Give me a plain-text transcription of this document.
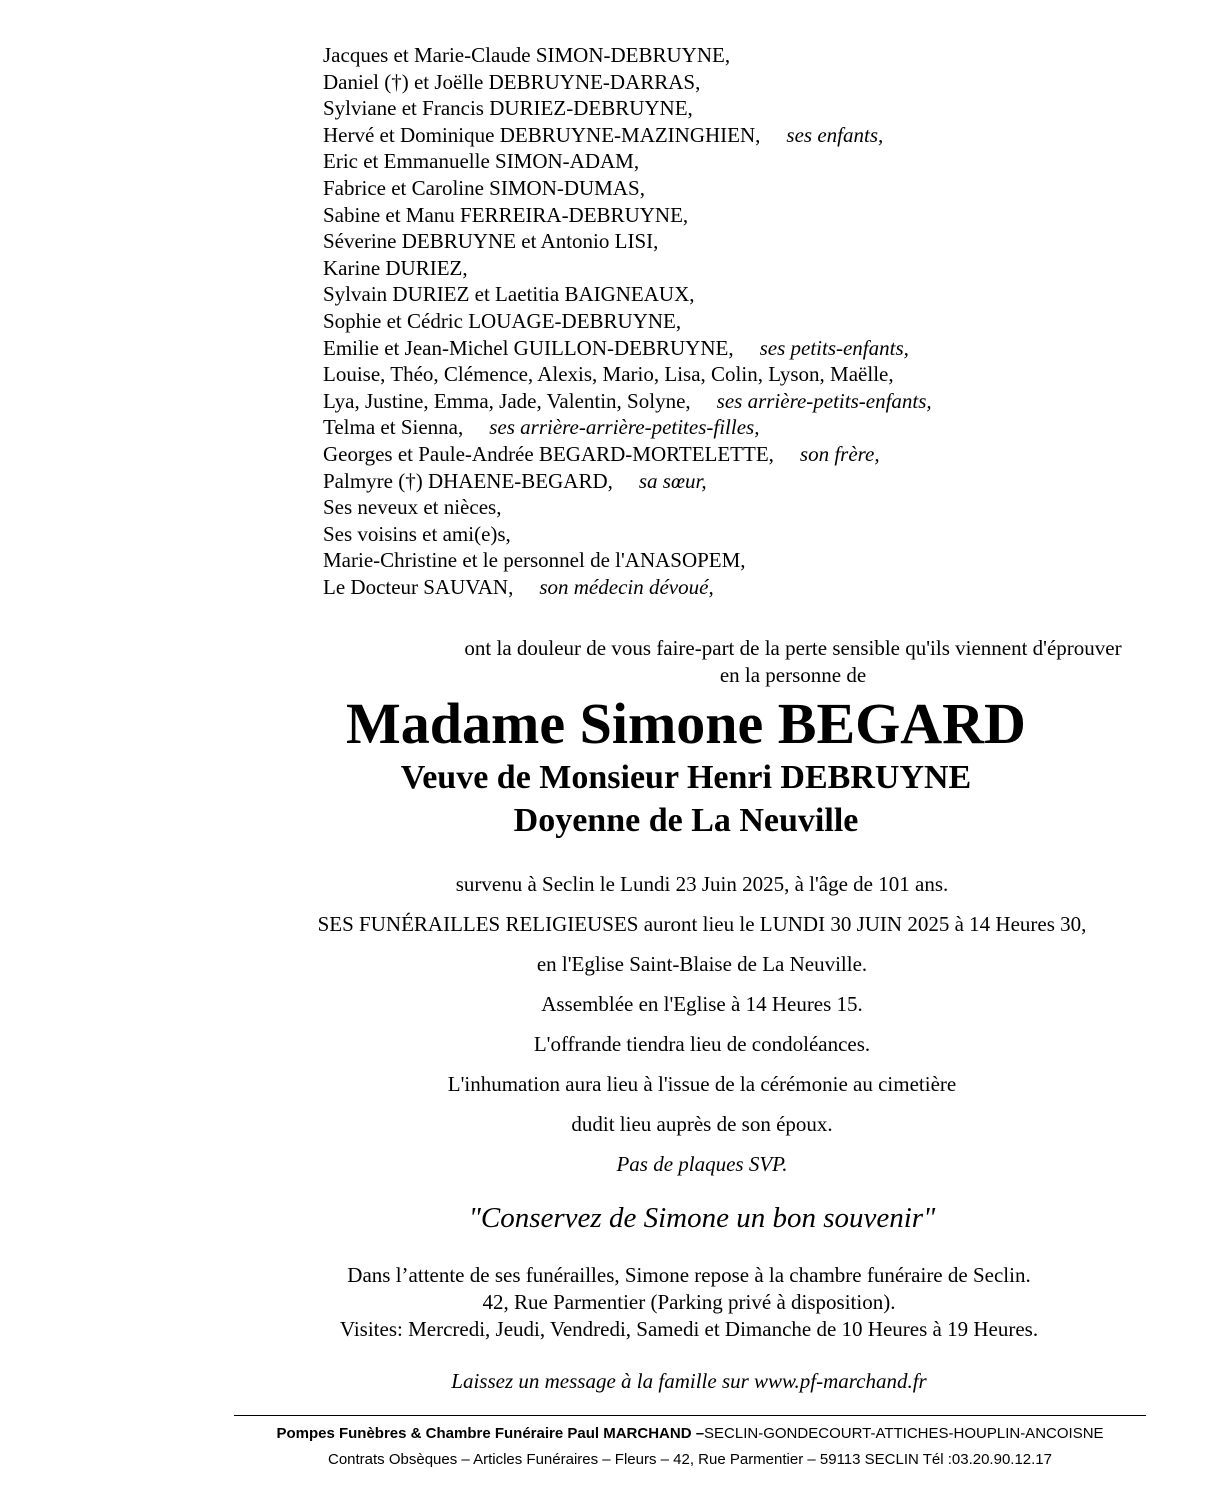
Jacques et Marie-Claude SIMON-DEBRUYNE,
Daniel (†) et Joëlle DEBRUYNE-DARRAS,
Sylviane et Francis DURIEZ-DEBRUYNE,
Hervé et Dominique DEBRUYNE-MAZINGHIEN, ses enfants,
Eric et Emmanuelle SIMON-ADAM,
Fabrice et Caroline SIMON-DUMAS,
Sabine et Manu FERREIRA-DEBRUYNE,
Séverine DEBRUYNE et Antonio LISI,
Karine DURIEZ,
Sylvain DURIEZ et Laetitia BAIGNEAUX,
Sophie et Cédric LOUAGE-DEBRUYNE,
Emilie et Jean-Michel GUILLON-DEBRUYNE, ses petits-enfants,
Louise, Théo, Clémence, Alexis, Mario, Lisa, Colin, Lyson, Maëlle,
Lya, Justine, Emma, Jade, Valentin, Solyne, ses arrière-petits-enfants,
Telma et Sienna, ses arrière-arrière-petites-filles,
Georges et Paule-Andrée BEGARD-MORTELETTE, son frère,
Palmyre (†) DHAENE-BEGARD, sa sœur,
Ses neveux et nièces,
Ses voisins et ami(e)s,
Marie-Christine et le personnel de l'ANASOPEM,
Le Docteur SAUVAN, son médecin dévoué,
ont la douleur de vous faire-part de la perte sensible qu'ils viennent d'éprouver
en la personne de
Madame Simone BEGARD
Veuve de Monsieur Henri DEBRUYNE
Doyenne de La Neuville
survenu à Seclin le Lundi 23 Juin 2025, à l'âge de 101 ans.
SES FUNÉRAILLES RELIGIEUSES auront lieu le LUNDI 30 JUIN 2025 à 14 Heures 30,
en l'Eglise Saint-Blaise de La Neuville.
Assemblée en l'Eglise à 14 Heures 15.
L'offrande tiendra lieu de condoléances.
L'inhumation aura lieu à l'issue de la cérémonie au cimetière
dudit lieu auprès de son époux.
Pas de plaques SVP.
"Conservez de Simone un bon souvenir"
Dans l’attente de ses funérailles, Simone repose à la chambre funéraire de Seclin.
42, Rue Parmentier (Parking privé à disposition).
Visites: Mercredi, Jeudi, Vendredi, Samedi et Dimanche de 10 Heures à 19 Heures.
Laissez un message à la famille sur www.pf-marchand.fr
Pompes Funèbres & Chambre Funéraire Paul MARCHAND –SECLIN-GONDECOURT-ATTICHES-HOUPLIN-ANCOISNE
Contrats Obsèques – Articles Funéraires – Fleurs – 42, Rue Parmentier – 59113 SECLIN Tél :03.20.90.12.17
